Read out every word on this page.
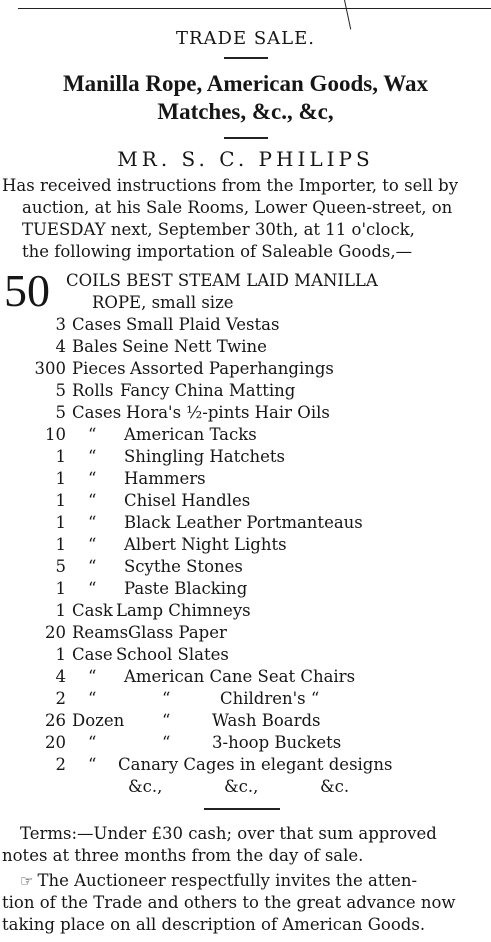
TRADE SALE.
Manilla Rope, American Goods, Wax
Matches, &c., &c,
MR. S. C. PHILIPS
Has received instructions from the Importer, to sell by
auction, at his Sale Rooms, Lower Queen-street, on
TUESDAY next, September 30th, at 11 o'clock,
the following importation of Saleable Goods,—
50 COILS BEST STEAM LAID MANILLA
ROPE, small size
3 Cases Small Plaid Vestas
4 Bales Seine Nett Twine
300 Pieces Assorted Paperhangings
5 Rolls Fancy China Matting
5 Cases Hora's ½-pints Hair Oils
10 “ American Tacks
1 “ Shingling Hatchets
1 “ Hammers
1 “ Chisel Handles
1 “ Black Leather Portmanteaus
1 “ Albert Night Lights
5 “ Scythe Stones
1 “ Paste Blacking
1 Cask Lamp Chimneys
20 Reams Glass Paper
1 Case School Slates
4 “ American Cane Seat Chairs
2 “	“	Children's “
26 Dozen “	Wash Boards
20 “	“	3-hoop Buckets
2 “ Canary Cages in elegant designs
&c.,	&c.,	&c.
Terms:—Under £30 cash; over that sum approved
notes at three months from the day of sale.
☞ The Auctioneer respectfully invites the atten-
tion of the Trade and others to the great advance now
taking place on all description of American Goods.
